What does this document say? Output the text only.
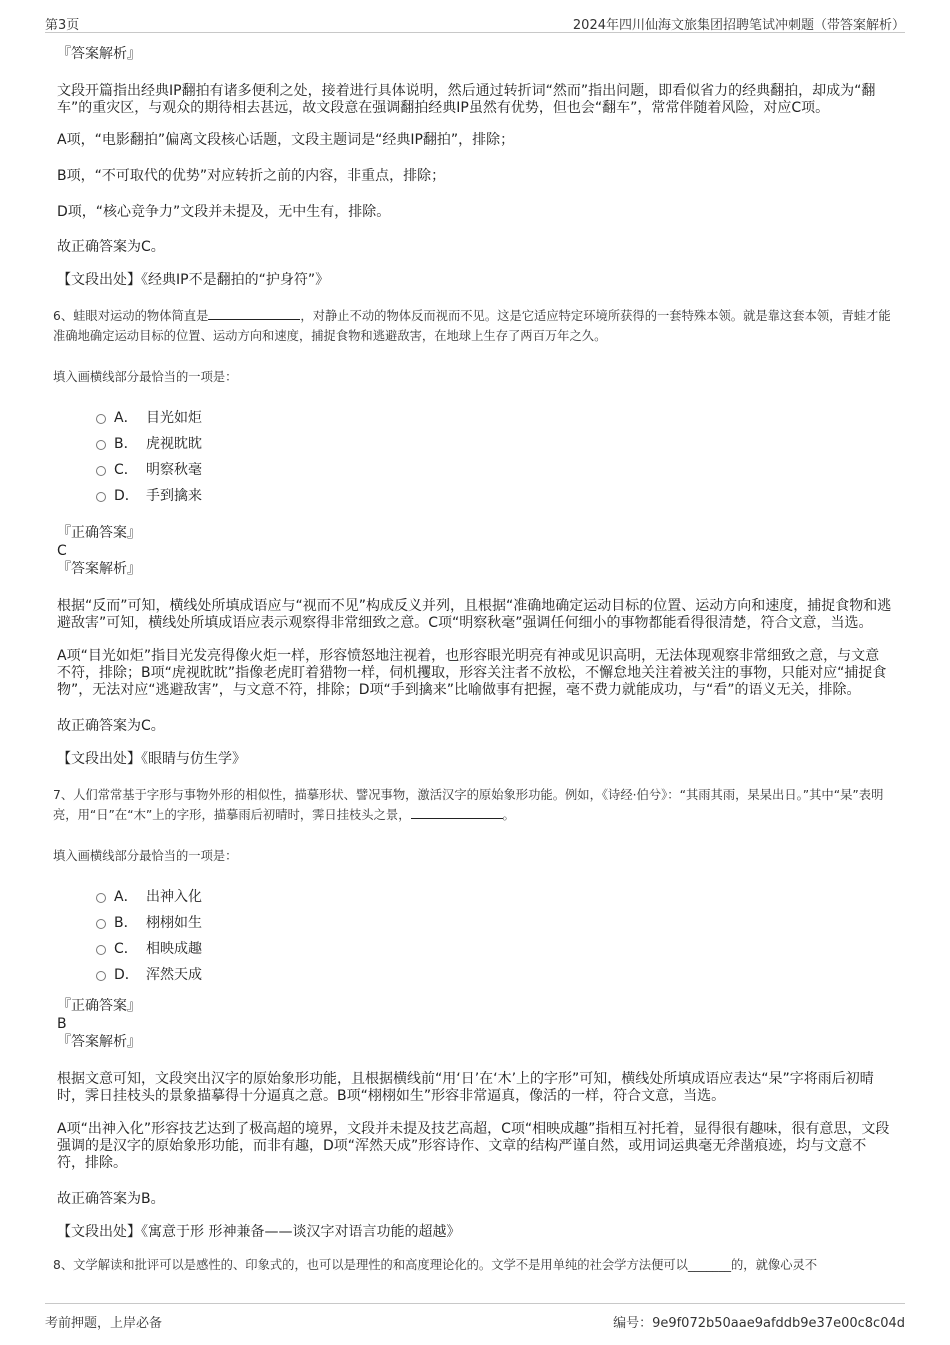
第3页	2024年四川仙海文旅集团招聘笔试冲刺题（带答案解析）

『答案解析』

文段开篇指出经典IP翻拍有诸多便利之处，接着进行具体说明，然后通过转折词“然而”指出问题，即看似省力的经典翻拍，却成为“翻车”的重灾区，与观众的期待相去甚远，故文段意在强调翻拍经典IP虽然有优势，但也会“翻车”，常常伴随着风险，对应C项。

A项，“电影翻拍”偏离文段核心话题，文段主题词是“经典IP翻拍”，排除；

B项，“不可取代的优势”对应转折之前的内容，非重点，排除；

D项，“核心竞争力”文段并未提及，无中生有，排除。

故正确答案为C。

【文段出处】《经典IP不是翻拍的“护身符”》

6、蛙眼对运动的物体简直是	，对静止不动的物体反而视而不见。这是它适应特定环境所获得的一套特殊本领。就是靠这套本领，青蛙才能准确地确定运动目标的位置、运动方向和速度，捕捉食物和逃避敌害，在地球上生存了两百万年之久。

填入画横线部分最恰当的一项是：

A． 目光如炬
B． 虎视眈眈
C． 明察秋毫
D． 手到擒来

『正确答案』

C

『答案解析』

根据“反而”可知，横线处所填成语应与“视而不见”构成反义并列，且根据“准确地确定运动目标的位置、运动方向和速度，捕捉食物和逃避敌害”可知，横线处所填成语应表示观察得非常细致之意。C项“明察秋毫”强调任何细小的事物都能看得很清楚，符合文意，当选。

A项“目光如炬”指目光发亮得像火炬一样，形容愤怒地注视着，也形容眼光明亮有神或见识高明，无法体现观察非常细致之意，与文意不符，排除；B项“虎视眈眈”指像老虎盯着猎物一样，伺机攫取，形容关注者不放松，不懈怠地关注着被关注的事物，只能对应“捕捉食物”，无法对应“逃避敌害”，与文意不符，排除；D项“手到擒来”比喻做事有把握，毫不费力就能成功，与“看”的语义无关，排除。

故正确答案为C。

【文段出处】《眼睛与仿生学》

7、人们常常基于字形与事物外形的相似性，描摹形状、譬况事物，激活汉字的原始象形功能。例如，《诗经·伯兮》：“其雨其雨，杲杲出日。”其中“杲”表明亮，用“日”在“木”上的字形，描摹雨后初晴时，霁日挂枝头之景，	。

填入画横线部分最恰当的一项是：

A． 出神入化
B． 栩栩如生
C． 相映成趣
D． 浑然天成

『正确答案』

B

『答案解析』

根据文意可知，文段突出汉字的原始象形功能，且根据横线前“用‘日’在‘木’上的字形”可知，横线处所填成语应表达“杲”字将雨后初晴时，霁日挂枝头的景象描摹得十分逼真之意。B项“栩栩如生”形容非常逼真，像活的一样，符合文意，当选。

A项“出神入化”形容技艺达到了极高超的境界，文段并未提及技艺高超，C项“相映成趣”指相互衬托着，显得很有趣味，很有意思，文段强调的是汉字的原始象形功能，而非有趣，D项“浑然天成”形容诗作、文章的结构严谨自然，或用词运典毫无斧凿痕迹，均与文意不符，排除。

故正确答案为B。

【文段出处】《寓意于形 形神兼备——谈汉字对语言功能的超越》

8、文学解读和批评可以是感性的、印象式的，也可以是理性的和高度理论化的。文学不是用单纯的社会学方法便可以_______的，就像心灵不

考前押题，上岸必备	编号：9e9f072b50aae9afddb9e37e00c8c04d
